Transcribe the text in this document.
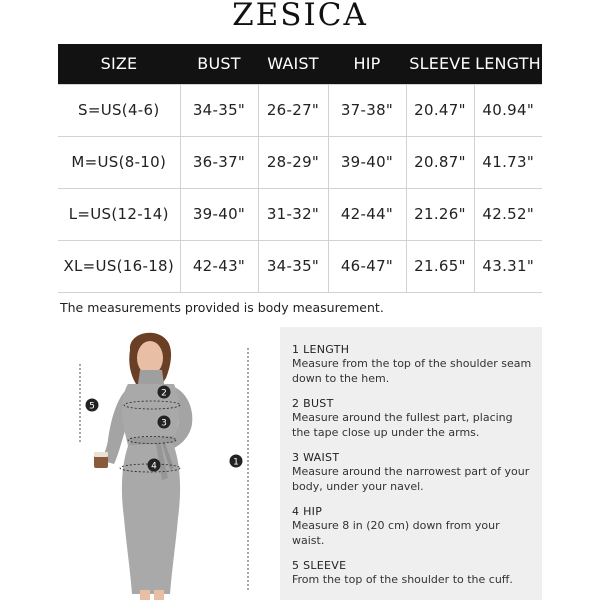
ZESICA
SIZE	BUST	WAIST	HIP	SLEEVE	LENGTH
S=US(4-6)	34-35"	26-27"	37-38"	20.47"	40.94"
M=US(8-10)	36-37"	28-29"	39-40"	20.87"	41.73"
L=US(12-14)	39-40"	31-32"	42-44"	21.26"	42.52"
XL=US(16-18)	42-43"	34-35"	46-47"	21.65"	43.31"
The measurements provided is body measurement.
2
3
4
5
1
1 LENGTH
Measure from the top of the shoulder seam down to the hem.
2 BUST
Measure around the fullest part, placing the tape close up under the arms.
3 WAIST
Measure around the narrowest part of your body, under your navel.
4 HIP
Measure 8 in (20 cm) down from your waist.
5 SLEEVE
From the top of the shoulder to the cuff.
